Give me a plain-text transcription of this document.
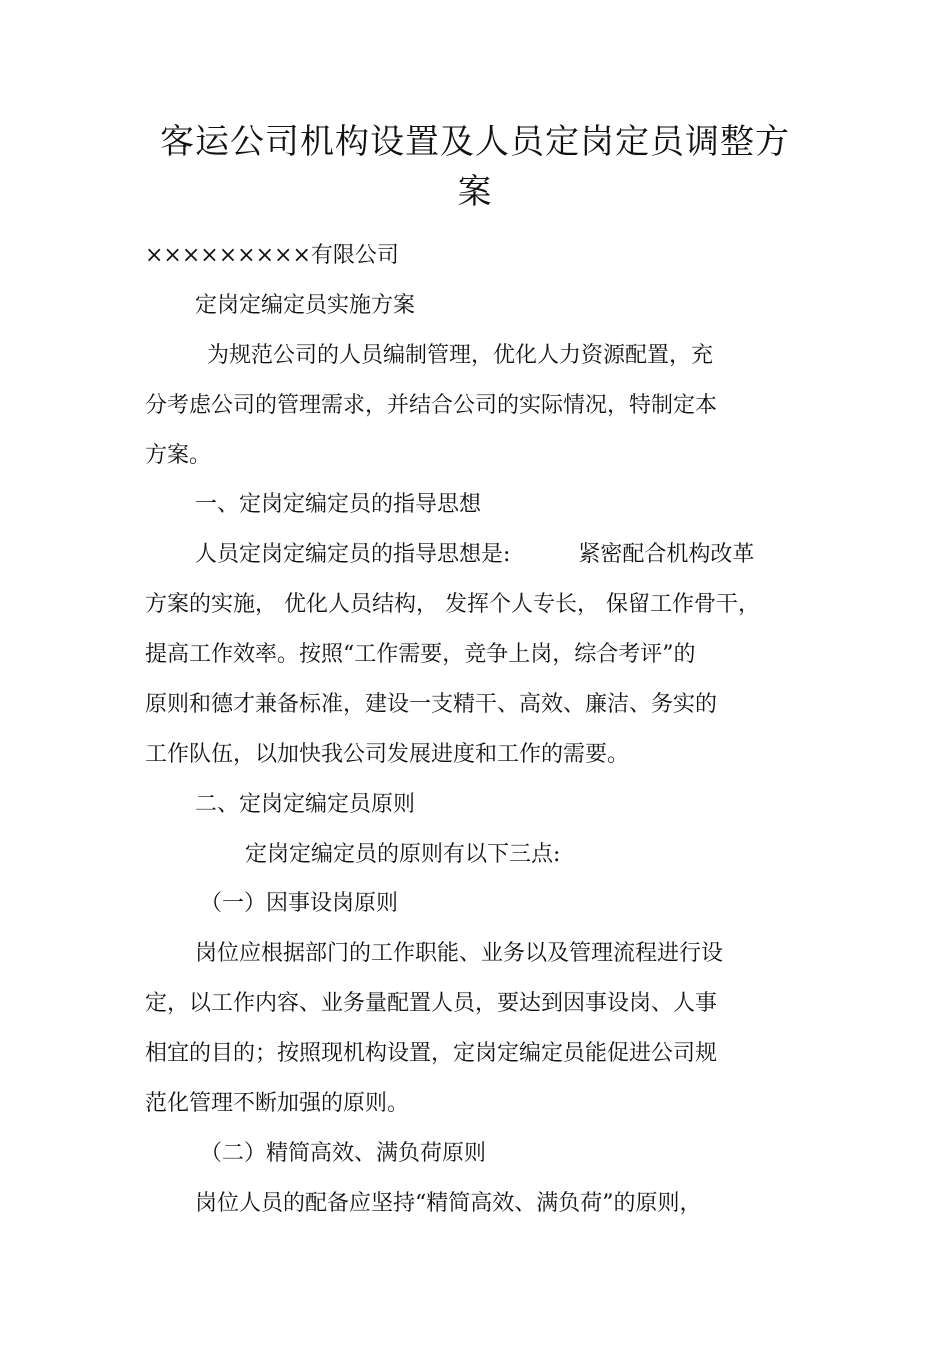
客运公司机构设置及人员定岗定员调整方
案

×××××××××有限公司

定岗定编定员实施方案

为规范公司的人员编制管理，优化人力资源配置，充

分考虑公司的管理需求，并结合公司的实际情况，特制定本

方案。

一、定岗定编定员的指导思想

人员定岗定编定员的指导思想是:	紧密配合机构改革

方案的实施， 优化人员结构， 发挥个人专长， 保留工作骨干，

提高工作效率。按照“工作需要，竞争上岗，综合考评”的

原则和德才兼备标准，建设一支精干、高效、廉洁、务实的

工作队伍，以加快我公司发展进度和工作的需要。

二、定岗定编定员原则

定岗定编定员的原则有以下三点:

（一）因事设岗原则

岗位应根据部门的工作职能、业务以及管理流程进行设

定，以工作内容、业务量配置人员，要达到因事设岗、人事

相宜的目的；按照现机构设置，定岗定编定员能促进公司规

范化管理不断加强的原则。

（二）精简高效、满负荷原则

岗位人员的配备应坚持“精简高效、满负荷”的原则，
